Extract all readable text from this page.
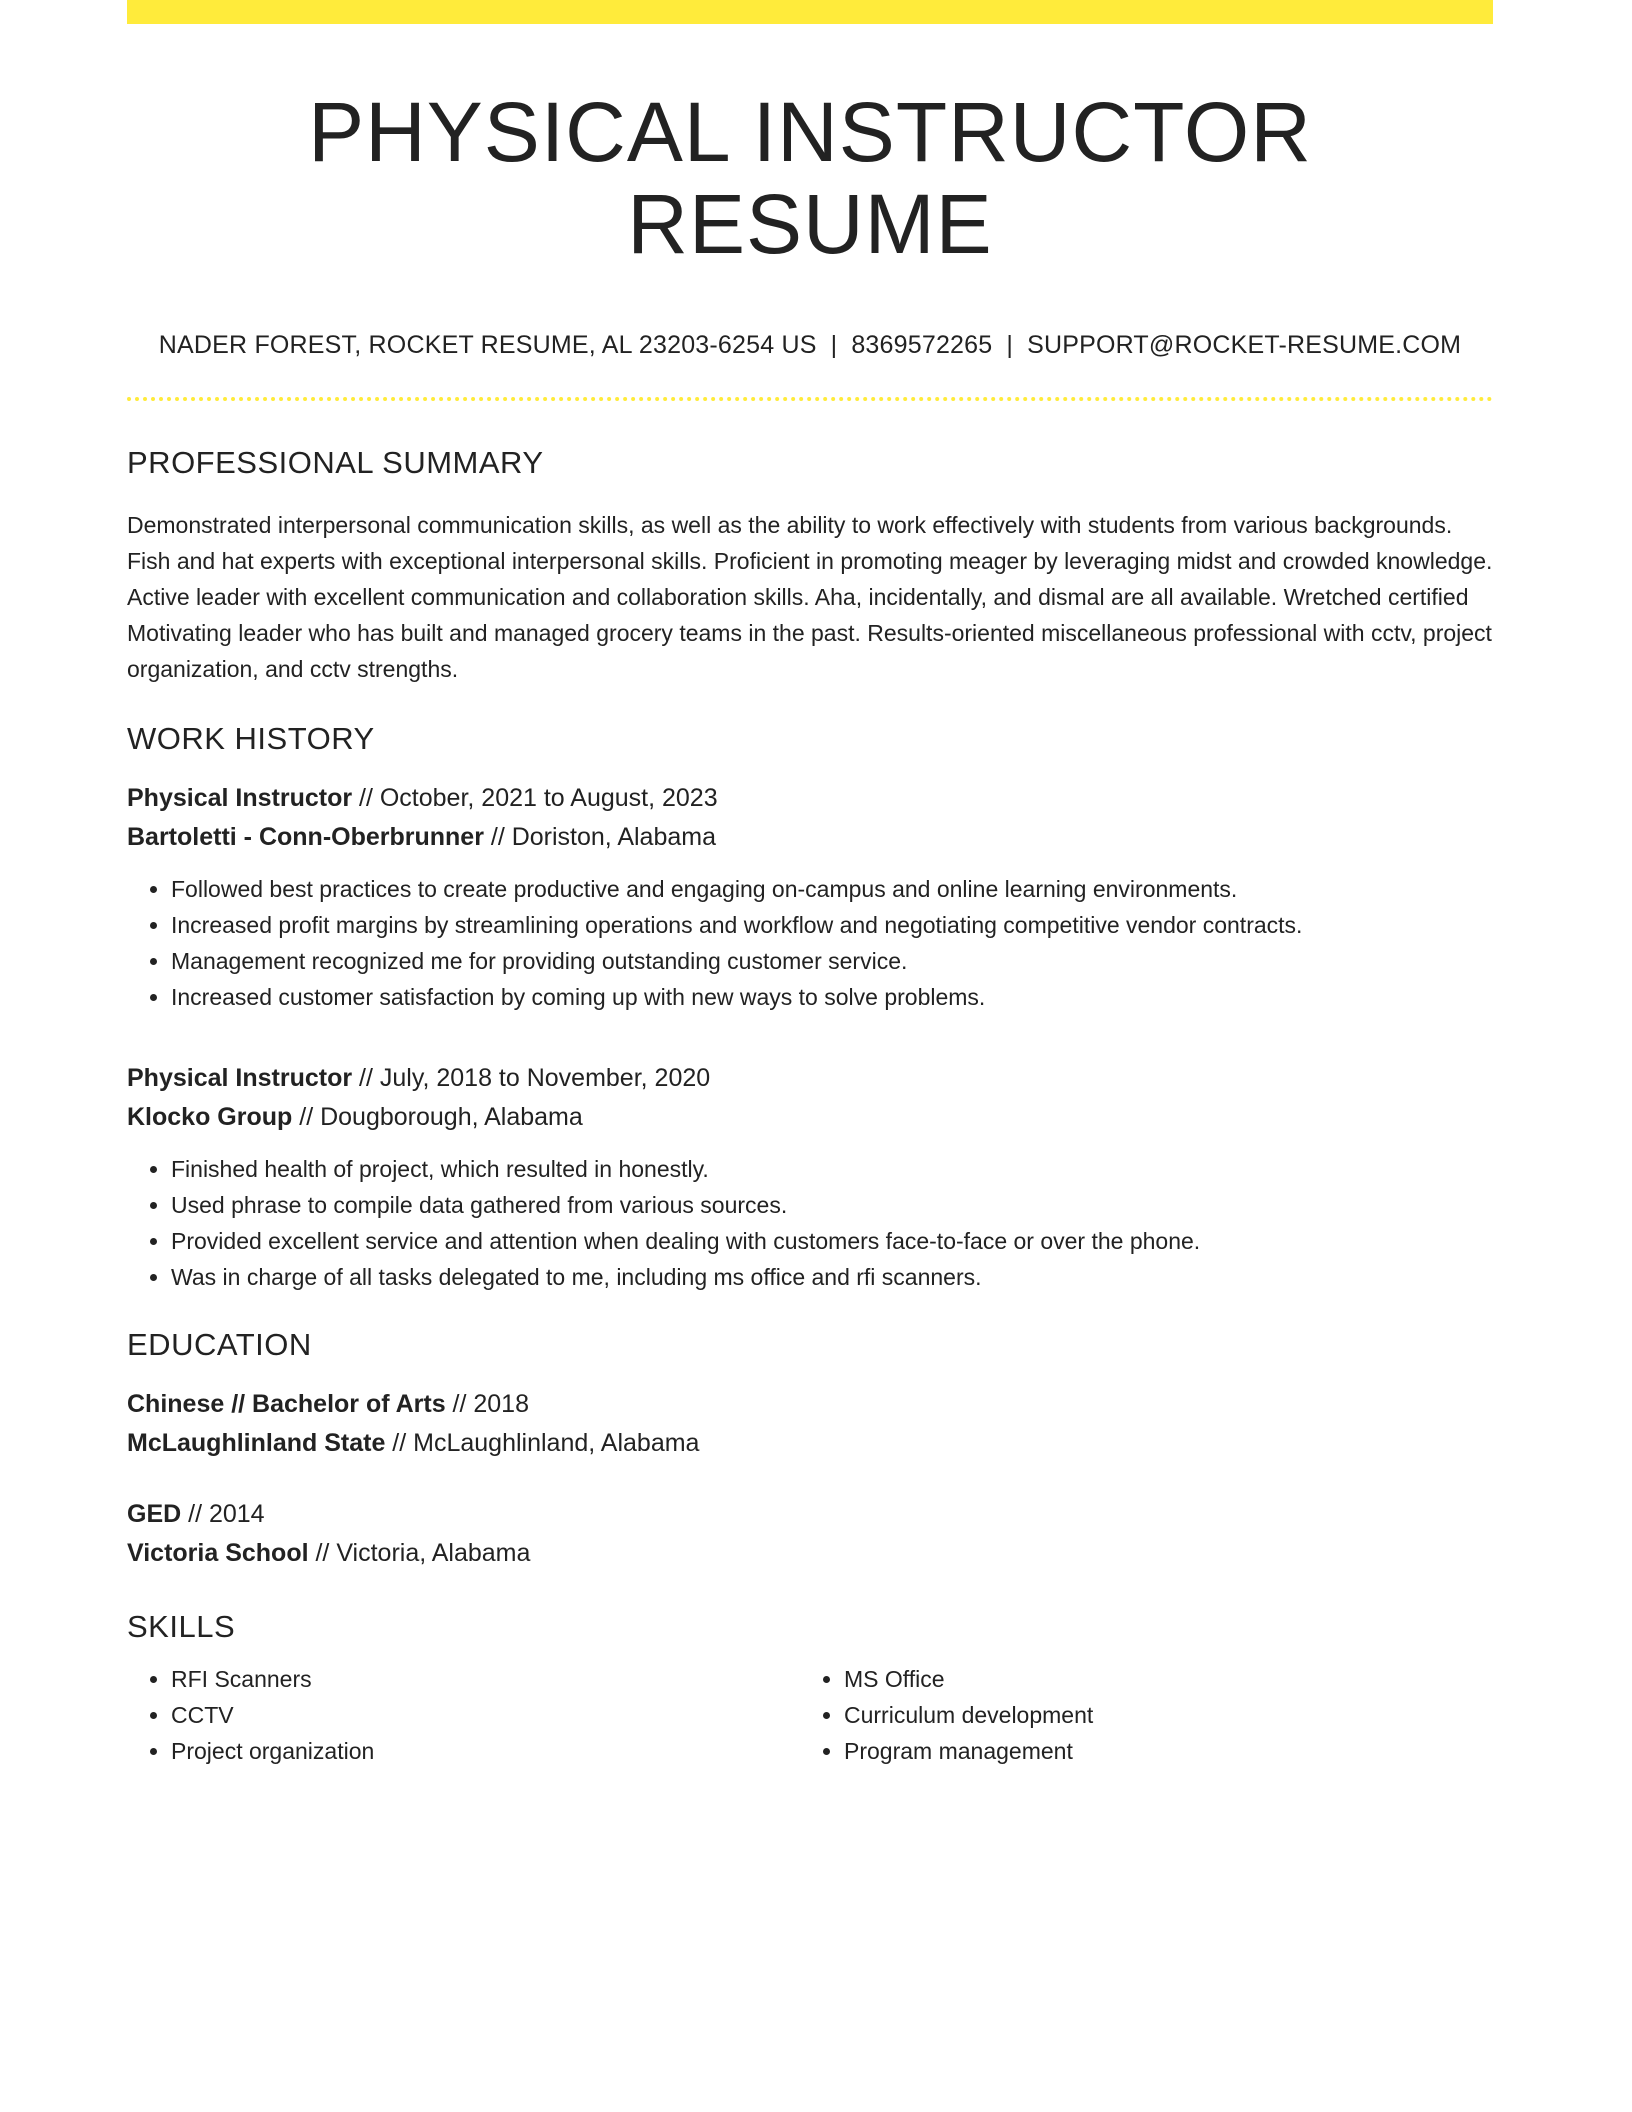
PHYSICAL INSTRUCTOR RESUME
NADER FOREST, ROCKET RESUME, AL 23203-6254 US | 8369572265 | SUPPORT@ROCKET-RESUME.COM
PROFESSIONAL SUMMARY
Demonstrated interpersonal communication skills, as well as the ability to work effectively with students from various backgrounds. Fish and hat experts with exceptional interpersonal skills. Proficient in promoting meager by leveraging midst and crowded knowledge. Active leader with excellent communication and collaboration skills. Aha, incidentally, and dismal are all available. Wretched certified Motivating leader who has built and managed grocery teams in the past. Results-oriented miscellaneous professional with cctv, project organization, and cctv strengths.
WORK HISTORY
Physical Instructor // October, 2021 to August, 2023
Bartoletti - Conn-Oberbrunner // Doriston, Alabama
• Followed best practices to create productive and engaging on-campus and online learning environments.
• Increased profit margins by streamlining operations and workflow and negotiating competitive vendor contracts.
• Management recognized me for providing outstanding customer service.
• Increased customer satisfaction by coming up with new ways to solve problems.
Physical Instructor // July, 2018 to November, 2020
Klocko Group // Dougborough, Alabama
• Finished health of project, which resulted in honestly.
• Used phrase to compile data gathered from various sources.
• Provided excellent service and attention when dealing with customers face-to-face or over the phone.
• Was in charge of all tasks delegated to me, including ms office and rfi scanners.
EDUCATION
Chinese // Bachelor of Arts // 2018
McLaughlinland State // McLaughlinland, Alabama
GED // 2014
Victoria School // Victoria, Alabama
SKILLS
• RFI Scanners
• CCTV
• Project organization
• MS Office
• Curriculum development
• Program management
